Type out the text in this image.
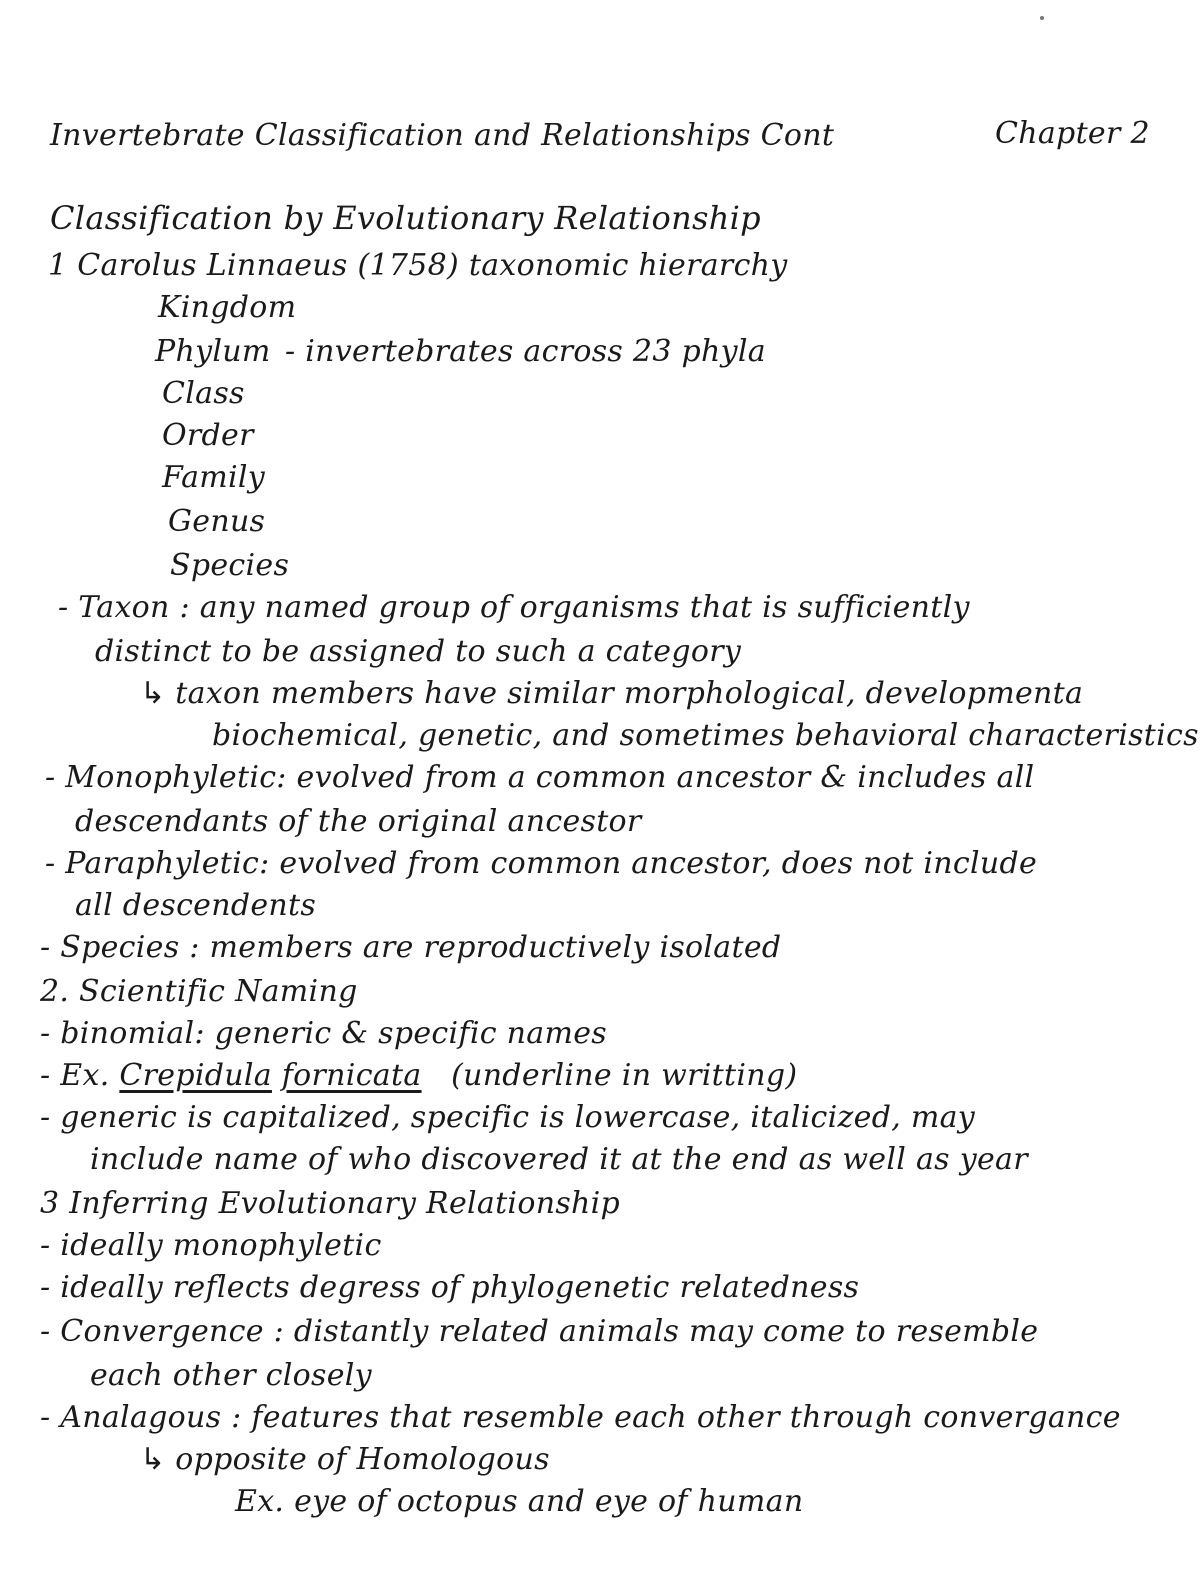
Invertebrate Classification and Relationships Cont	Chapter 2
Classification by Evolutionary Relationship
1 Carolus Linnaeus (1758) taxonomic hierarchy
Kingdom
Phylum - invertebrates across 23 phyla
Class
Order
Family
Genus
Species
- Taxon : any named group of organisms that is sufficiently
distinct to be assigned to such a category
↳ taxon members have similar morphological, developmenta
biochemical, genetic, and sometimes behavioral characteristics
- Monophyletic: evolved from a common ancestor & includes all
descendants of the original ancestor
- Paraphyletic: evolved from common ancestor, does not include
all descendents
- Species : members are reproductively isolated
2. Scientific Naming
- binomial: generic & specific names
- Ex. Crepidula fornicata (underline in writting)
- generic is capitalized, specific is lowercase, italicized, may
include name of who discovered it at the end as well as year
3 Inferring Evolutionary Relationship
- ideally monophyletic
- ideally reflects degress of phylogenetic relatedness
- Convergence : distantly related animals may come to resemble
each other closely
- Analagous : features that resemble each other through convergance
↳ opposite of Homologous
Ex. eye of octopus and eye of human
